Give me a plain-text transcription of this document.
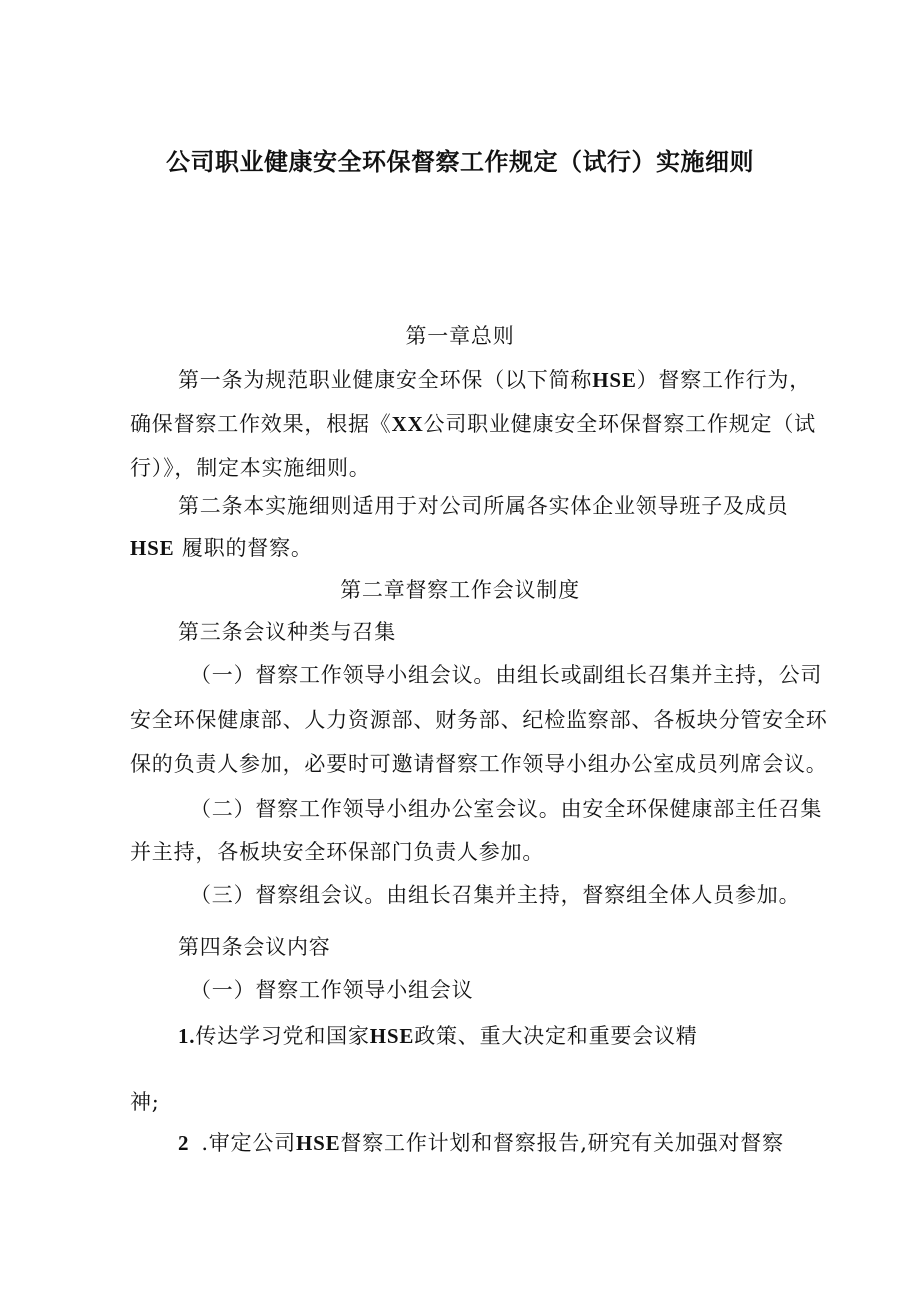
公司职业健康安全环保督察工作规定（试行）实施细则

第一章总则

第一条为规范职业健康安全环保（以下简称HSE）督察工作行为，

确保督察工作效果，根据《XX公司职业健康安全环保督察工作规定（试

行）》，制定本实施细则。

第二条本实施细则适用于对公司所属各实体企业领导班子及成员

HSE 履职的督察。

第二章督察工作会议制度

第三条会议种类与召集

（一）督察工作领导小组会议。由组长或副组长召集并主持，公司

安全环保健康部、人力资源部、财务部、纪检监察部、各板块分管安全环

保的负责人参加，必要时可邀请督察工作领导小组办公室成员列席会议。

（二）督察工作领导小组办公室会议。由安全环保健康部主任召集

并主持，各板块安全环保部门负责人参加。

（三）督察组会议。由组长召集并主持，督察组全体人员参加。

第四条会议内容

（一）督察工作领导小组会议

1.传达学习党和国家HSE政策、重大决定和重要会议精

神;

2 .审定公司HSE督察工作计划和督察报告,研究有关加强对督察
